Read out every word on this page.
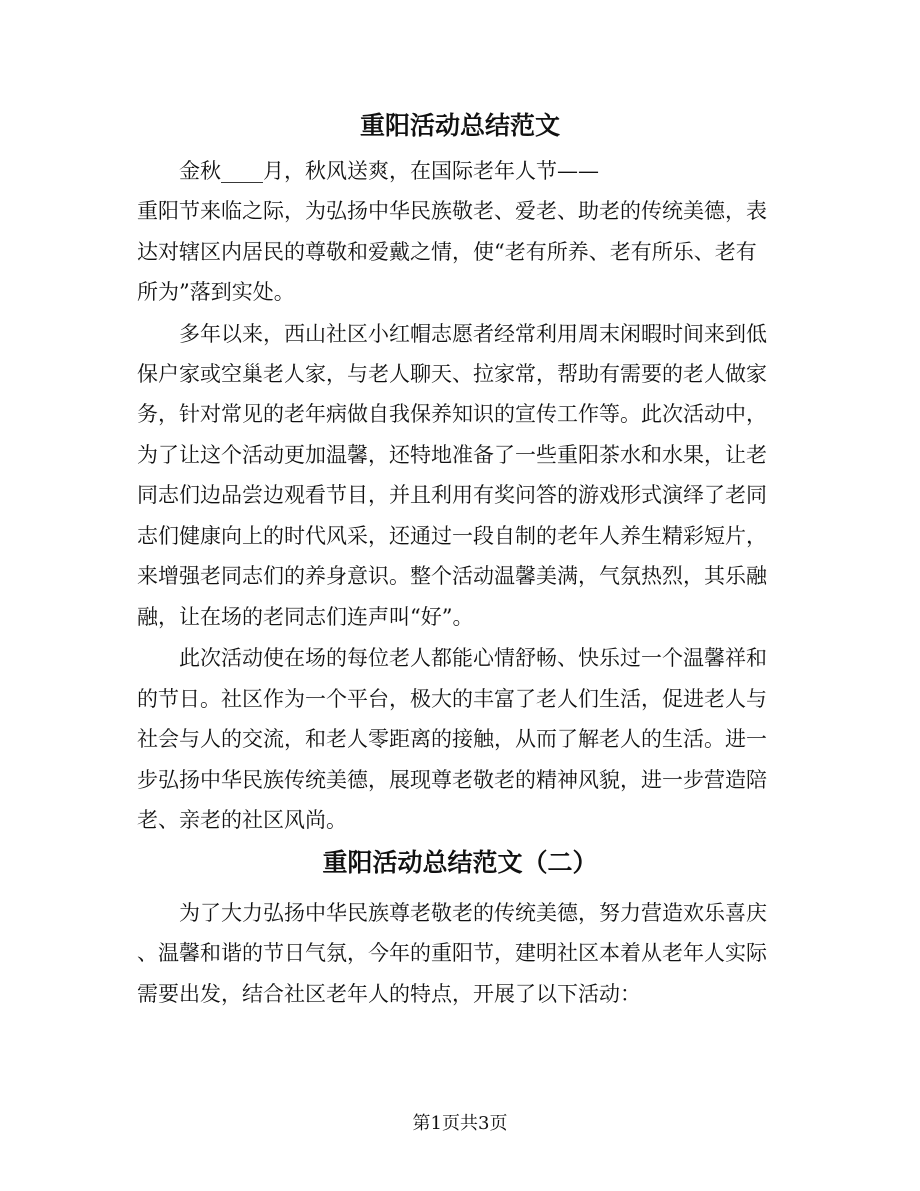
重阳活动总结范文
金秋____月，秋风送爽，在国际老年人节——
重阳节来临之际，为弘扬中华民族敬老、爱老、助老的传统美德，表
达对辖区内居民的尊敬和爱戴之情，使“老有所养、老有所乐、老有
所为”落到实处。
多年以来，西山社区小红帽志愿者经常利用周末闲暇时间来到低
保户家或空巢老人家，与老人聊天、拉家常，帮助有需要的老人做家
务，针对常见的老年病做自我保养知识的宣传工作等。此次活动中，
为了让这个活动更加温馨，还特地准备了一些重阳茶水和水果，让老
同志们边品尝边观看节目，并且利用有奖问答的游戏形式演绎了老同
志们健康向上的时代风采，还通过一段自制的老年人养生精彩短片，
来增强老同志们的养身意识。整个活动温馨美满，气氛热烈，其乐融
融，让在场的老同志们连声叫“好”。
此次活动使在场的每位老人都能心情舒畅、快乐过一个温馨祥和
的节日。社区作为一个平台，极大的丰富了老人们生活，促进老人与
社会与人的交流，和老人零距离的接触，从而了解老人的生活。进一
步弘扬中华民族传统美德，展现尊老敬老的精神风貌，进一步营造陪
老、亲老的社区风尚。
重阳活动总结范文（二）
为了大力弘扬中华民族尊老敬老的传统美德，努力营造欢乐喜庆
、温馨和谐的节日气氛，今年的重阳节，建明社区本着从老年人实际
需要出发，结合社区老年人的特点，开展了以下活动：
第1页共3页
